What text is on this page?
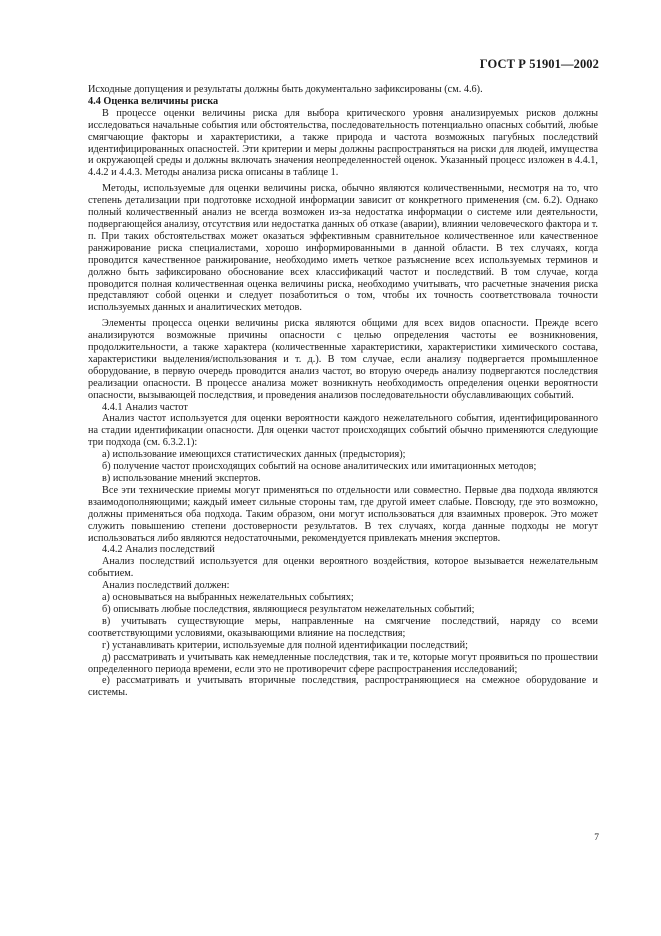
ГОСТ Р 51901—2002

Исходные допущения и результаты должны быть документально зафиксированы (см. 4.6).

4.4 Оценка величины риска

В процессе оценки величины риска для выбора критического уровня анализируемых рисков должны исследоваться начальные события или обстоятельства, последовательность потенциально опасных событий, любые смягчающие факторы и характеристики, а также природа и частота возможных пагубных последствий идентифицированных опасностей. Эти критерии и меры должны распространяться на риски для людей, имущества и окружающей среды и должны включать значения неопределенностей оценок. Указанный процесс изложен в 4.4.1, 4.4.2 и 4.4.3. Методы анализа риска описаны в таблице 1.

Методы, используемые для оценки величины риска, обычно являются количественными, несмотря на то, что степень детализации при подготовке исходной информации зависит от конкретного применения (см. 6.2). Однако полный количественный анализ не всегда возможен из-за недостатка информации о системе или деятельности, подвергающейся анализу, отсутствия или недостатка данных об отказе (аварии), влиянии человеческого фактора и т. п. При таких обстоятельствах может оказаться эффективным сравнительное количественное или качественное ранжирование риска специалистами, хорошо информированными в данной области. В тех случаях, когда проводится качественное ранжирование, необходимо иметь четкое разъяснение всех используемых терминов и должно быть зафиксировано обоснование всех классификаций частот и последствий. В том случае, когда проводится полная количественная оценка величины риска, необходимо учитывать, что расчетные значения риска представляют собой оценки и следует позаботиться о том, чтобы их точность соответствовала точности используемых данных и аналитических методов.

Элементы процесса оценки величины риска являются общими для всех видов опасности. Прежде всего анализируются возможные причины опасности с целью определения частоты ее возникновения, продолжительности, а также характера (количественные характеристики, характеристики химического состава, характеристики выделения/использования и т. д.). В том случае, если анализу подвергается промышленное оборудование, в первую очередь проводится анализ частот, во вторую очередь анализу подвергаются последствия реализации опасности. В процессе анализа может возникнуть необходимость определения оценки вероятности опасности, вызывающей последствия, и проведения анализов последовательности обуславливающих событий.

4.4.1 Анализ частот

Анализ частот используется для оценки вероятности каждого нежелательного события, идентифицированного на стадии идентификации опасности. Для оценки частот происходящих событий обычно применяются следующие три подхода (см. 6.3.2.1):

а) использование имеющихся статистических данных (предыстория);

б) получение частот происходящих событий на основе аналитических или имитационных методов;

в) использование мнений экспертов.

Все эти технические приемы могут применяться по отдельности или совместно. Первые два подхода являются взаимодополняющими; каждый имеет сильные стороны там, где другой имеет слабые. Повсюду, где это возможно, должны применяться оба подхода. Таким образом, они могут использоваться для взаимных проверок. Это может служить повышению степени достоверности результатов. В тех случаях, когда данные подходы не могут использоваться либо являются недостаточными, рекомендуется привлекать мнения экспертов.

4.4.2 Анализ последствий

Анализ последствий используется для оценки вероятного воздействия, которое вызывается нежелательным событием.

Анализ последствий должен:

а) основываться на выбранных нежелательных событиях;

б) описывать любые последствия, являющиеся результатом нежелательных событий;

в) учитывать существующие меры, направленные на смягчение последствий, наряду со всеми соответствующими условиями, оказывающими влияние на последствия;

г) устанавливать критерии, используемые для полной идентификации последствий;

д) рассматривать и учитывать как немедленные последствия, так и те, которые могут проявиться по прошествии определенного периода времени, если это не противоречит сфере распространения исследований;

е) рассматривать и учитывать вторичные последствия, распространяющиеся на смежное оборудование и системы.

7
